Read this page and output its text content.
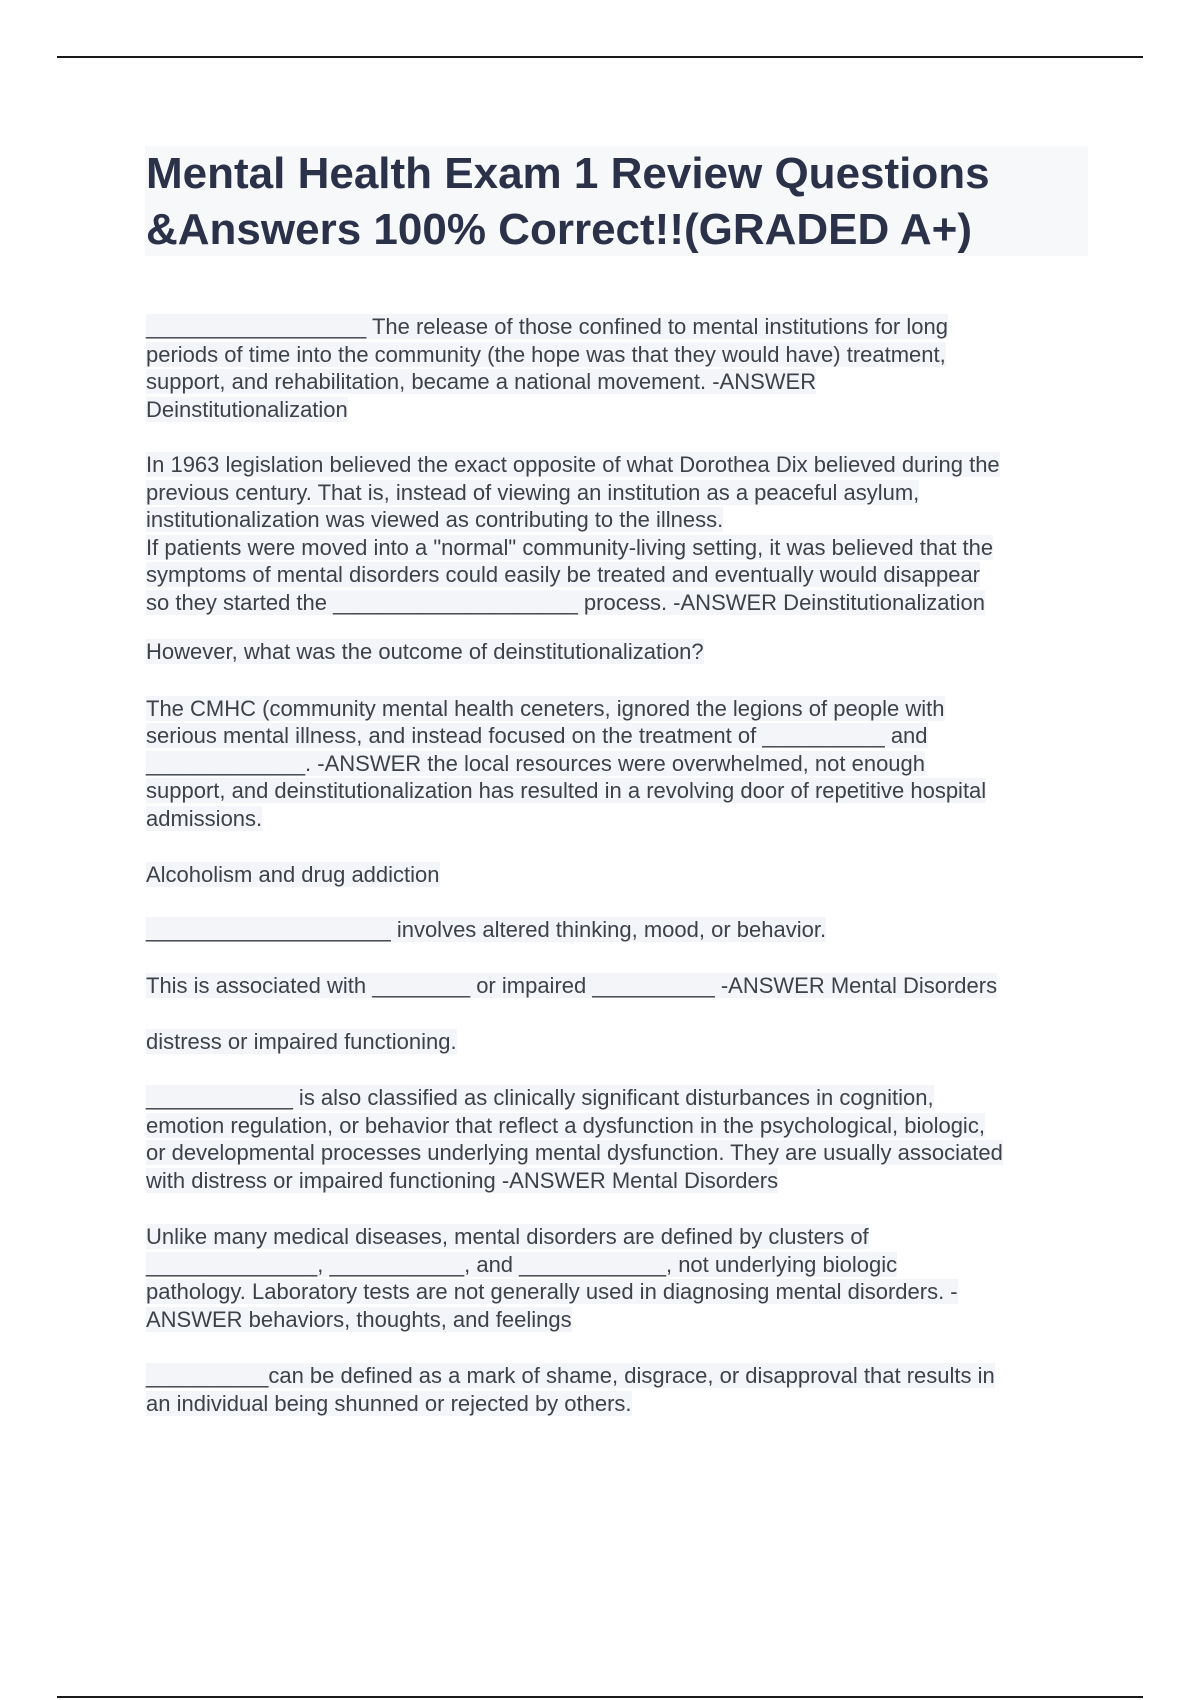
Mental Health Exam 1 Review Questions
&Answers 100% Correct!!(GRADED A+)

__________________ The release of those confined to mental institutions for long
periods of time into the community (the hope was that they would have) treatment,
support, and rehabilitation, became a national movement. -ANSWER
Deinstitutionalization

In 1963 legislation believed the exact opposite of what Dorothea Dix believed during the
previous century. That is, instead of viewing an institution as a peaceful asylum,
institutionalization was viewed as contributing to the illness.
If patients were moved into a "normal" community-living setting, it was believed that the
symptoms of mental disorders could easily be treated and eventually would disappear
so they started the ____________________ process. -ANSWER Deinstitutionalization

However, what was the outcome of deinstitutionalization?

The CMHC (community mental health ceneters, ignored the legions of people with
serious mental illness, and instead focused on the treatment of __________ and
_____________. -ANSWER the local resources were overwhelmed, not enough
support, and deinstitutionalization has resulted in a revolving door of repetitive hospital
admissions.

Alcoholism and drug addiction

____________________ involves altered thinking, mood, or behavior.

This is associated with ________ or impaired __________ -ANSWER Mental Disorders

distress or impaired functioning.

____________ is also classified as clinically significant disturbances in cognition,
emotion regulation, or behavior that reflect a dysfunction in the psychological, biologic,
or developmental processes underlying mental dysfunction. They are usually associated
with distress or impaired functioning -ANSWER Mental Disorders

Unlike many medical diseases, mental disorders are defined by clusters of
______________, ___________, and ____________, not underlying biologic
pathology. Laboratory tests are not generally used in diagnosing mental disorders. -
ANSWER behaviors, thoughts, and feelings

__________can be defined as a mark of shame, disgrace, or disapproval that results in
an individual being shunned or rejected by others.
